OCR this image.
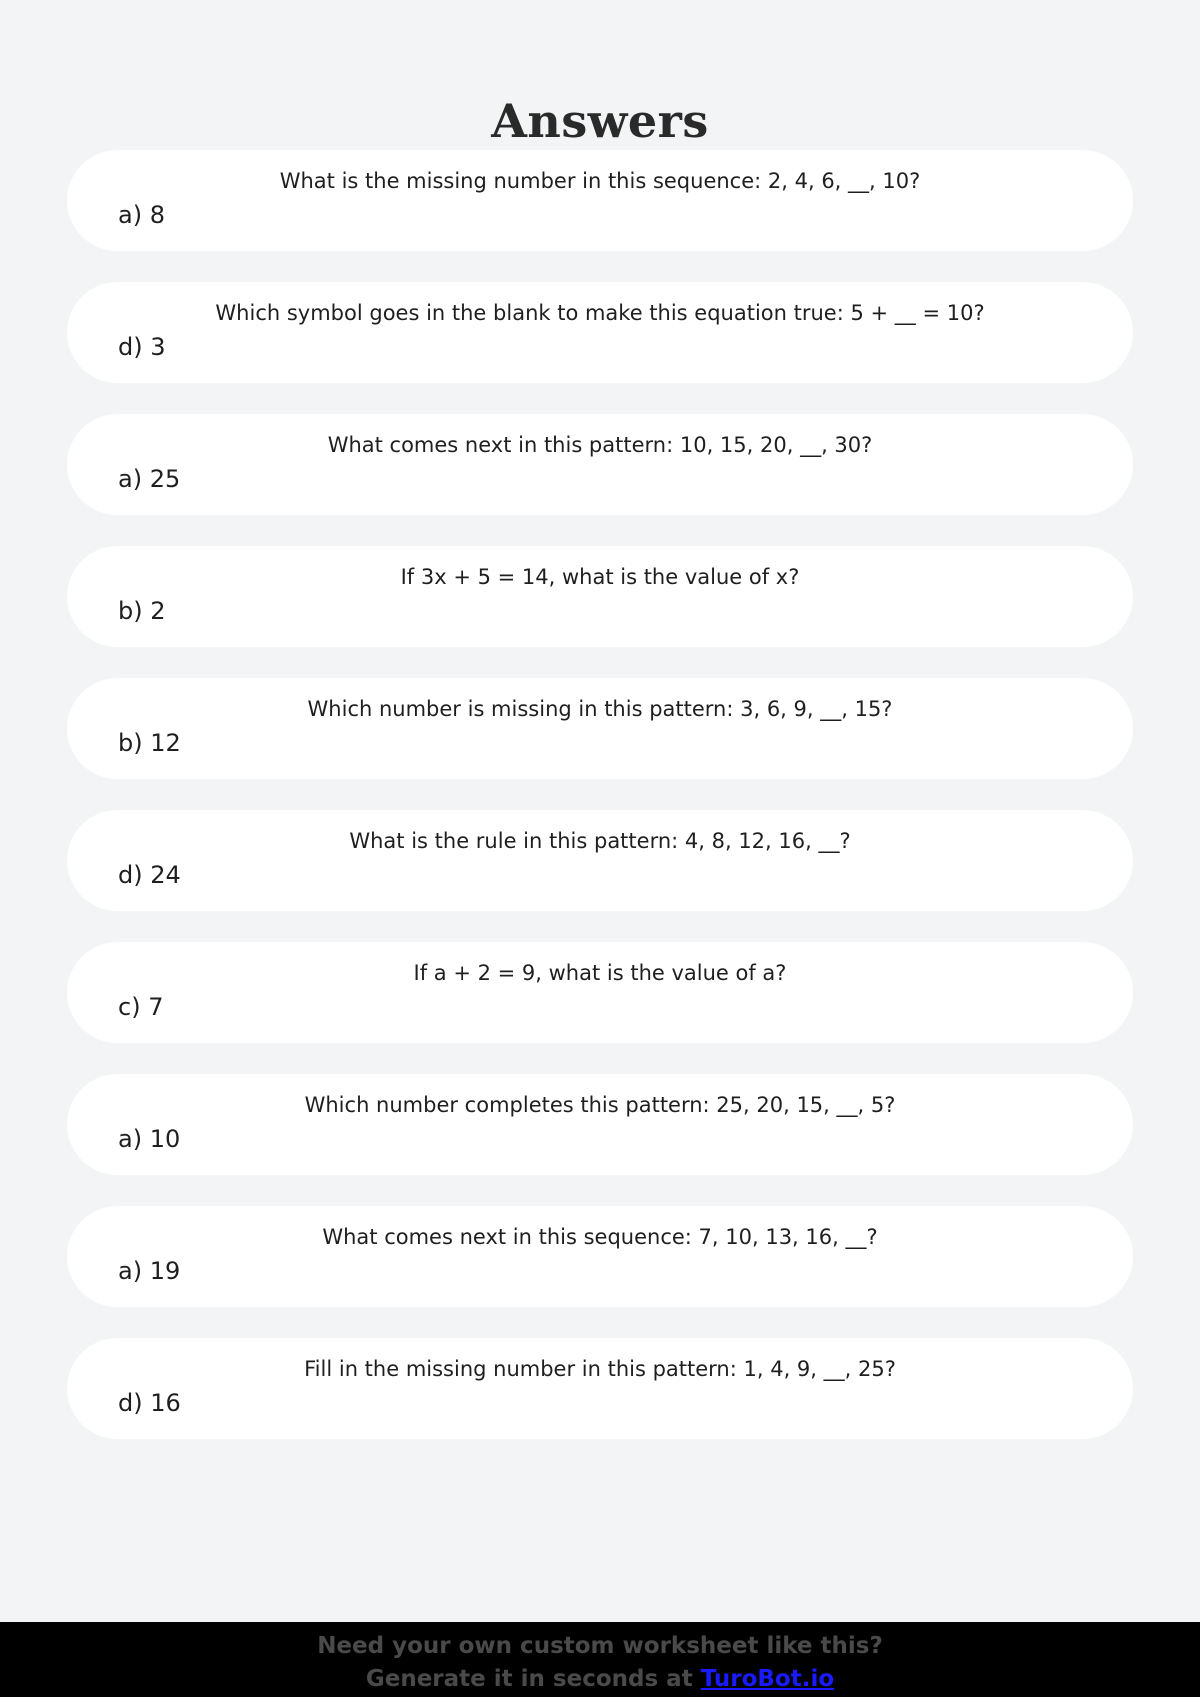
Answers
What is the missing number in this sequence: 2, 4, 6, __, 10?
a) 8
Which symbol goes in the blank to make this equation true: 5 + __ = 10?
d) 3
What comes next in this pattern: 10, 15, 20, __, 30?
a) 25
If 3x + 5 = 14, what is the value of x?
b) 2
Which number is missing in this pattern: 3, 6, 9, __, 15?
b) 12
What is the rule in this pattern: 4, 8, 12, 16, __?
d) 24
If a + 2 = 9, what is the value of a?
c) 7
Which number completes this pattern: 25, 20, 15, __, 5?
a) 10
What comes next in this sequence: 7, 10, 13, 16, __?
a) 19
Fill in the missing number in this pattern: 1, 4, 9, __, 25?
d) 16
Need your own custom worksheet like this?
Generate it in seconds at TuroBot.io
